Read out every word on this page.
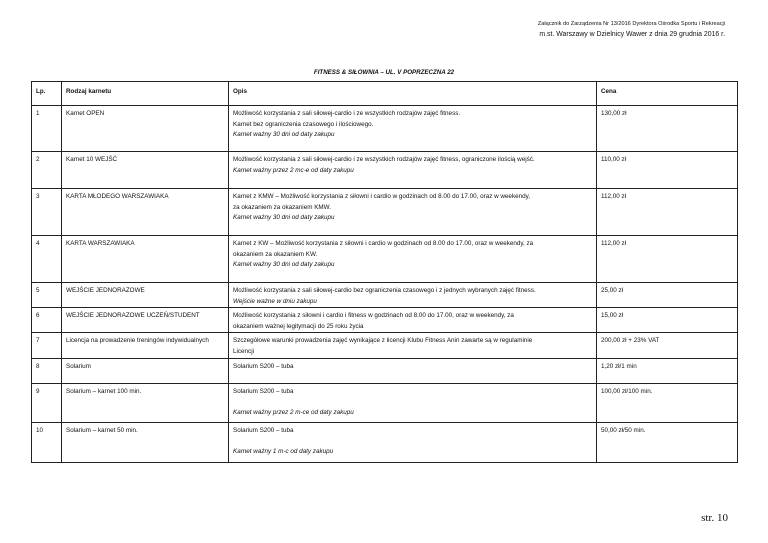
Załącznik do Zarządzenia Nr 13/2016 Dyrektora Ośrodka Sportu i Rekreacji
m.st. Warszawy w Dzielnicy Wawer z dnia 29 grudnia 2016 r.
FITNESS & SIŁOWNIA – UL. V POPRZECZNA 22
Lp.	Rodzaj karnetu	Opis	Cena
1	Karnet OPEN	Możliwość korzystania z sali siłowej-cardio i ze wszystkich rodzajów zajęć fitness.
Karnet bez ograniczenia czasowego i ilościowego.
Karnet ważny 30 dni od daty zakupu	130,00 zł
2	Karnet 10 WEJŚĆ	Możliwość korzystania z sali siłowej-cardio i ze wszystkich rodzajów zajęć fitness, ograniczone ilością wejść.
Karnet ważny przez 2 mc-e od daty zakupu	110,00 zł
3	KARTA MŁODEGO WARSZAWIAKA	Karnet z KMW – Możliwość korzystania z siłowni i cardio w godzinach od 8.00 do 17.00, oraz w weekendy,
za okazaniem za okazaniem KMW.
Karnet ważny 30 dni od daty zakupu	112,00 zł
4	KARTA WARSZAWIAKA	Karnet z KW – Możliwość korzystania z siłowni i cardio w godzinach od 8.00 do 17.00, oraz w weekendy, za
okazaniem za okazaniem KW.
Karnet ważny 30 dni od daty zakupu	112,00 zł
5	WEJŚCIE JEDNORAZOWE	Możliwość korzystania z sali siłowej-cardio bez ograniczenia czasowego i z jednych wybranych zajęć fitness.
Wejście ważne w dniu zakupu	25,00 zł
6	WEJŚCIE JEDNORAZOWE UCZEŃ/STUDENT	Możliwość korzystania z siłowni i cardio i fitness w godzinach od 8.00 do 17.00, oraz w weekendy, za
okazaniem ważnej legitymacji do 25 roku życia	15,00 zł
7	Licencja na prowadzenie treningów indywidualnych	Szczegółowe warunki prowadzenia zajęć wynikające z licencji Klubu Fitness Anin zawarte są w regulaminie
Licencji	200,00 zł + 23% VAT
8	Solarium	Solarium S200 – tuba	1,20 zł/1 min
9	Solarium – karnet 100 min.	Solarium S200 – tuba
Karnet ważny przez 2 m-ce od daty zakupu	100,00 zł/100 min.
10	Solarium – karnet 50 min.	Solarium S200 – tuba
Karnet ważny 1 m-c od daty zakupu	50,00 zł/50 min.
str. 10
